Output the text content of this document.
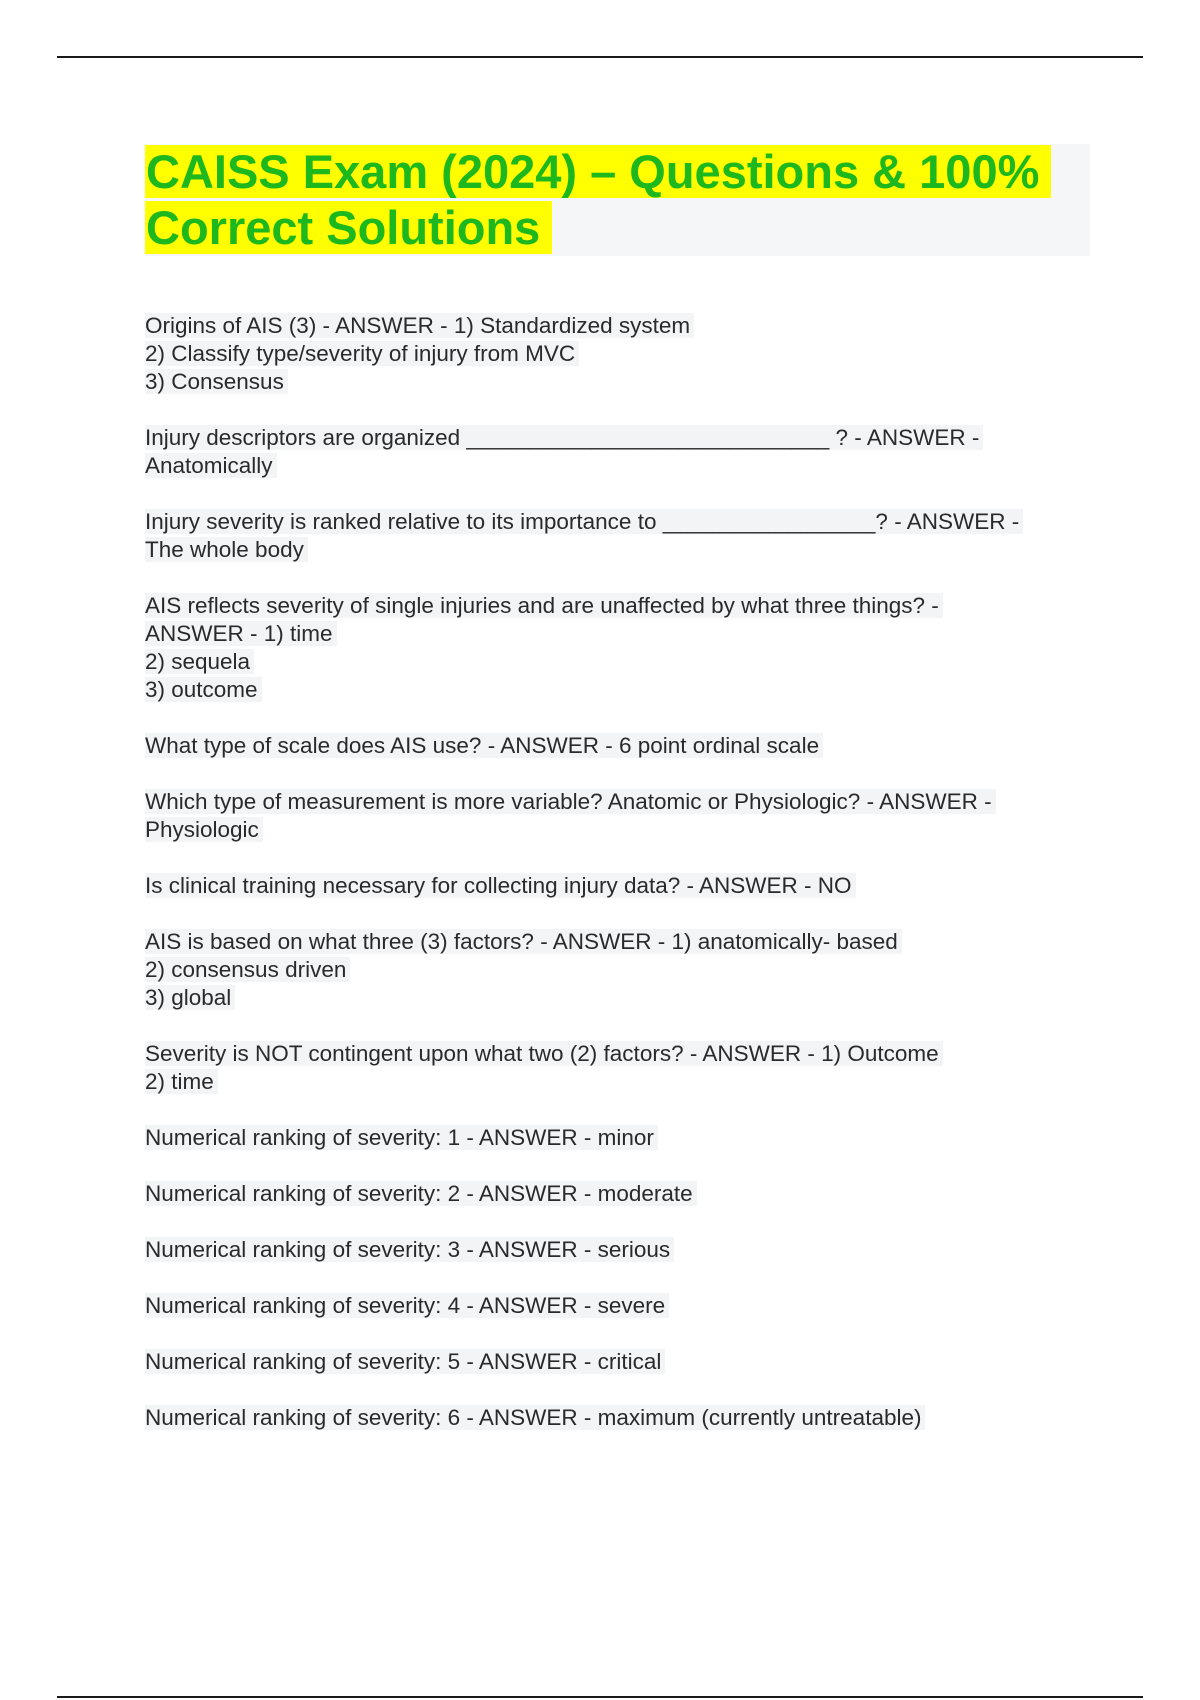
CAISS Exam (2024) – Questions & 100% Correct Solutions

Origins of AIS (3) - ANSWER - 1) Standardized system
2) Classify type/severity of injury from MVC
3) Consensus

Injury descriptors are organized _____________________________ ? - ANSWER -
Anatomically

Injury severity is ranked relative to its importance to _________________? - ANSWER -
The whole body

AIS reflects severity of single injuries and are unaffected by what three things? -
ANSWER - 1) time
2) sequela
3) outcome

What type of scale does AIS use? - ANSWER - 6 point ordinal scale

Which type of measurement is more variable? Anatomic or Physiologic? - ANSWER -
Physiologic

Is clinical training necessary for collecting injury data? - ANSWER - NO

AIS is based on what three (3) factors? - ANSWER - 1) anatomically- based
2) consensus driven
3) global

Severity is NOT contingent upon what two (2) factors? - ANSWER - 1) Outcome
2) time

Numerical ranking of severity: 1 - ANSWER - minor

Numerical ranking of severity: 2 - ANSWER - moderate

Numerical ranking of severity: 3 - ANSWER - serious

Numerical ranking of severity: 4 - ANSWER - severe

Numerical ranking of severity: 5 - ANSWER - critical

Numerical ranking of severity: 6 - ANSWER - maximum (currently untreatable)
